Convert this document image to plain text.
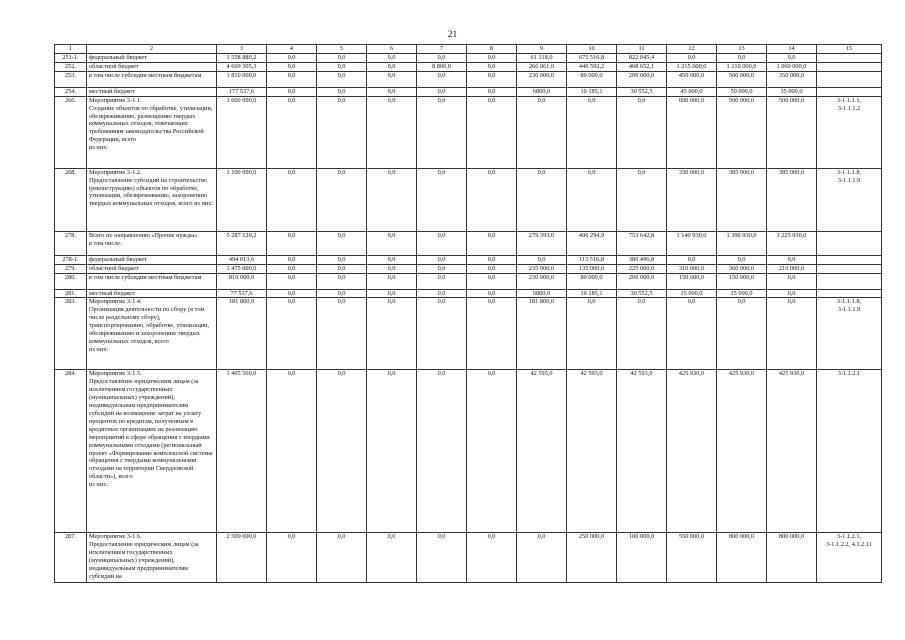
21
1	2	3	4	5	6	7	8	9	10	11	12	13	14	15
251-1.	федеральный бюджет	1 558 880,2	0,0	0,0	0,0	0,0	0,0	61 318,0	675 516,8	822 045,4	0,0	0,0	0,0	
252.	областной бюджет	4 669 305,3	0,0	0,0	0,0	8 800,0	0,0	266 061,0	440 592,2	468 652,1	1 215 000,0	1 210 000,0	1 060 000,0	
253.	в том числе субсидии местным бюджетам	1 810 000,0	0,0	0,0	0,0	0,0	0,0	230 000,0	80 000,0	200 000,0	450 000,0	500 000,0	350 000,0	
254.	местный бюджет	177 537,6	0,0	0,0	0,0	0,0	0,0	6800,0	10 185,1	30 552,5	45 000,0	50 000,0	35 000,0	
266.	Мероприятие 3-1.1.
Создание объектов по обработке, утилизации, обезвреживанию, размещению твердых коммунальных отходов, отвечающих требованиям законодательства Российской Федерации, всего
из них:	1 600 000,0	0,0	0,0	0,0	0,0	0,0	0,0	0,0	0,0	600 000,0	500 000,0	500 000,0	3-1.1.1.1,
3-1.1.1.2
268.	Мероприятие 3-1.2.
Предоставление субсидий на строительство (реконструкцию) объектов по обработке, утилизации, обезвреживанию, захоронению твердых коммунальных отходов, всего из них:	1 100 000,0	0,0	0,0	0,0	0,0	0,0	0,0	0,0	0,0	330 000,0	385 000,0	385 000,0	3-1.1.1.8,
3-1.1.1.9
278.	Всего по направлению «Прочие нужды»
в том числе:	5 287 120,2	0,0	0,0	0,0	0,0	0,0	279 393,0	496 294,9	753 642,8	1 140 930,0	1 390 930,0	1 225 930,0	
278-1.	федеральный бюджет	494 013,6	0,0	0,0	0,0	0,0	0,0	0,0	113 516,8	380 496,8	0,0	0,0	0,0	
279.	областной бюджет	1 475 000,0	0,0	0,0	0,0	0,0	0,0	235 000,0	135 000,0	225 000,0	310 000,0	360 000,0	210 000,0	
280.	в том числе субсидии местным бюджетам	810 000,0	0,0	0,0	0,0	0,0	0,0	230 000,0	80 000,0	200 000,0	150 000,0	150 000,0	0,0	
281.	местный бюджет	77 537,6	0,0	0,0	0,0	0,0	0,0	6800,0	10 185,1	30 552,5	15 000,0	15 000,0	0,0	
283.	Мероприятие 3-1.4.
Организация деятельности по сбору (в том числе раздельному сбору), транспортированию, обработке, утилизации, обезвреживанию и захоронению твердых коммунальных отходов, всего
из них:	181 800,0	0,0	0,0	0,0	0,0	0,0	181 800,0	0,0	0,0	0,0	0,0	0,0	3-1.1.1.8,
3-1.1.1.9
284.	Мероприятие 3-1.5.
Предоставление юридическим лицам (за исключением государственных (муниципальных) учреждений), индивидуальным предпринимателям субсидий на возмещение затрат на уплату процентов по кредитам, полученным в кредитных организациях на реализацию мероприятий в сфере обращения с твердыми коммунальными отходами (региональный проект «Формирование комплексной системы обращения с твердыми коммунальными отходами на территории Свердловской области»), всего
из них:	1 405 560,0	0,0	0,0	0,0	0,0	0,0	42 593,0	42 593,0	42 593,0	425 930,0	425 930,0	425 930,0	3-1.1.2.1
287.	Мероприятие 3-1.6.
Предоставление юридическим лицам (за исключением государственных (муниципальных) учреждений), индивидуальным предпринимателям субсидий на	2 500 000,0	0,0	0,0	0,0	0,0	0,0	0,0	250 000,0	100 000,0	550 000,0	800 000,0	800 000,0	3-1.1.2.1,
3-1.1.2.2, 4.1.2.11
